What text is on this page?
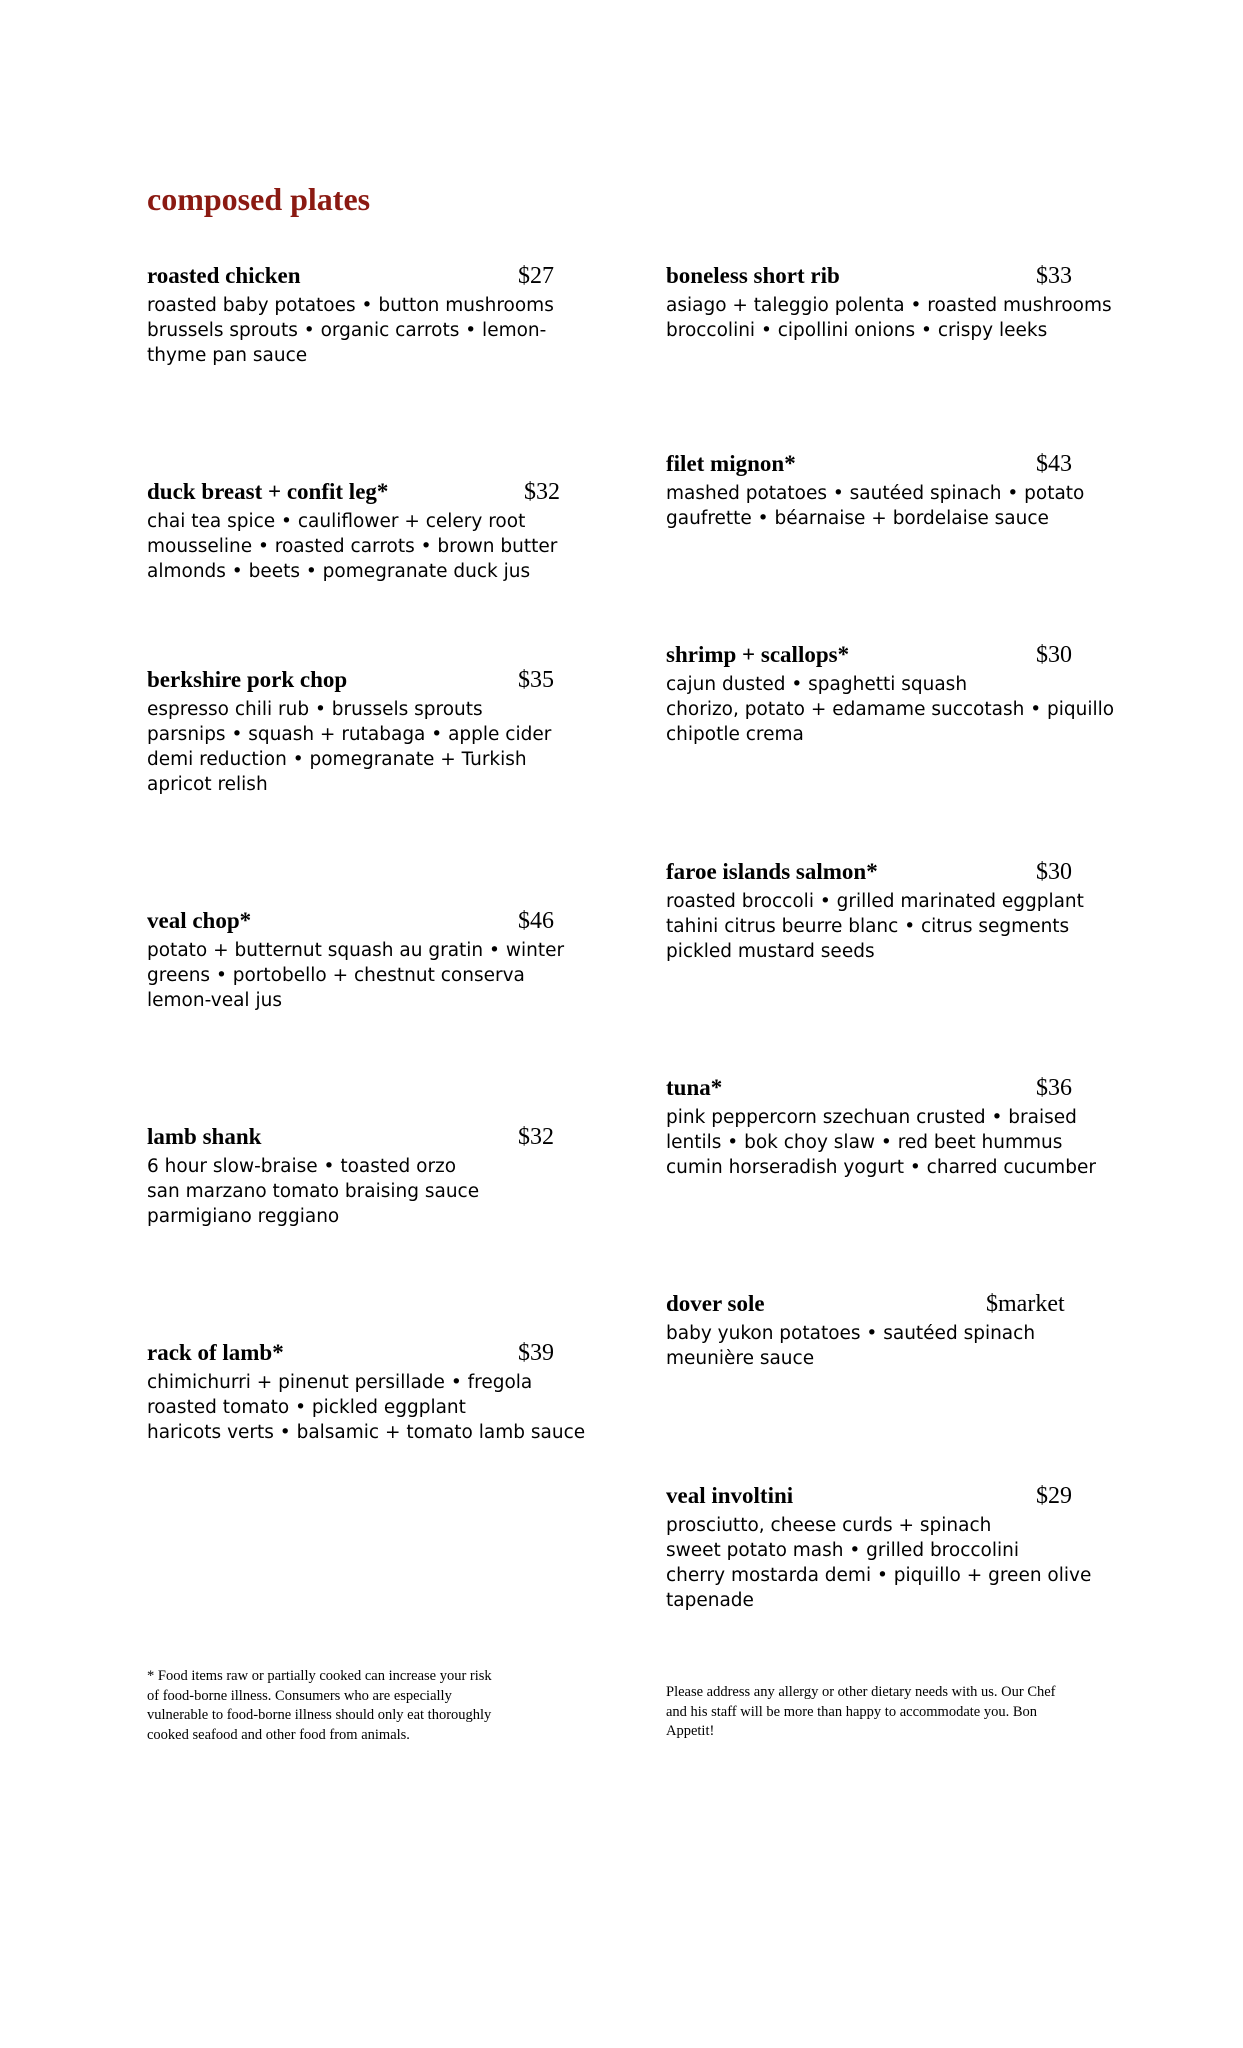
composed plates
roasted chicken	$27
roasted baby potatoes • button mushrooms
brussels sprouts • organic carrots • lemon-
thyme pan sauce
duck breast + confit leg*	$32
chai tea spice • cauliflower + celery root
mousseline • roasted carrots • brown butter
almonds • beets • pomegranate duck jus
berkshire pork chop	$35
espresso chili rub • brussels sprouts
parsnips • squash + rutabaga • apple cider
demi reduction • pomegranate + Turkish
apricot relish
veal chop*	$46
potato + butternut squash au gratin • winter
greens • portobello + chestnut conserva
lemon-veal jus
lamb shank	$32
6 hour slow-braise • toasted orzo
san marzano tomato braising sauce
parmigiano reggiano
rack of lamb*	$39
chimichurri + pinenut persillade • fregola
roasted tomato • pickled eggplant
haricots verts • balsamic + tomato lamb sauce
boneless short rib	$33
asiago + taleggio polenta • roasted mushrooms
broccolini • cipollini onions • crispy leeks
filet mignon*	$43
mashed potatoes • sautéed spinach • potato
gaufrette • béarnaise + bordelaise sauce
shrimp + scallops*	$30
cajun dusted • spaghetti squash
chorizo, potato + edamame succotash • piquillo
chipotle crema
faroe islands salmon*	$30
roasted broccoli • grilled marinated eggplant
tahini citrus beurre blanc • citrus segments
pickled mustard seeds
tuna*	$36
pink peppercorn szechuan crusted • braised
lentils • bok choy slaw • red beet hummus
cumin horseradish yogurt • charred cucumber
dover sole	$market
baby yukon potatoes • sautéed spinach
meunière sauce
veal involtini	$29
prosciutto, cheese curds + spinach
sweet potato mash • grilled broccolini
cherry mostarda demi • piquillo + green olive
tapenade
* Food items raw or partially cooked can increase your risk
of food-borne illness. Consumers who are especially
vulnerable to food-borne illness should only eat thoroughly
cooked seafood and other food from animals.
Please address any allergy or other dietary needs with us. Our Chef
and his staff will be more than happy to accommodate you. Bon
Appetit!
